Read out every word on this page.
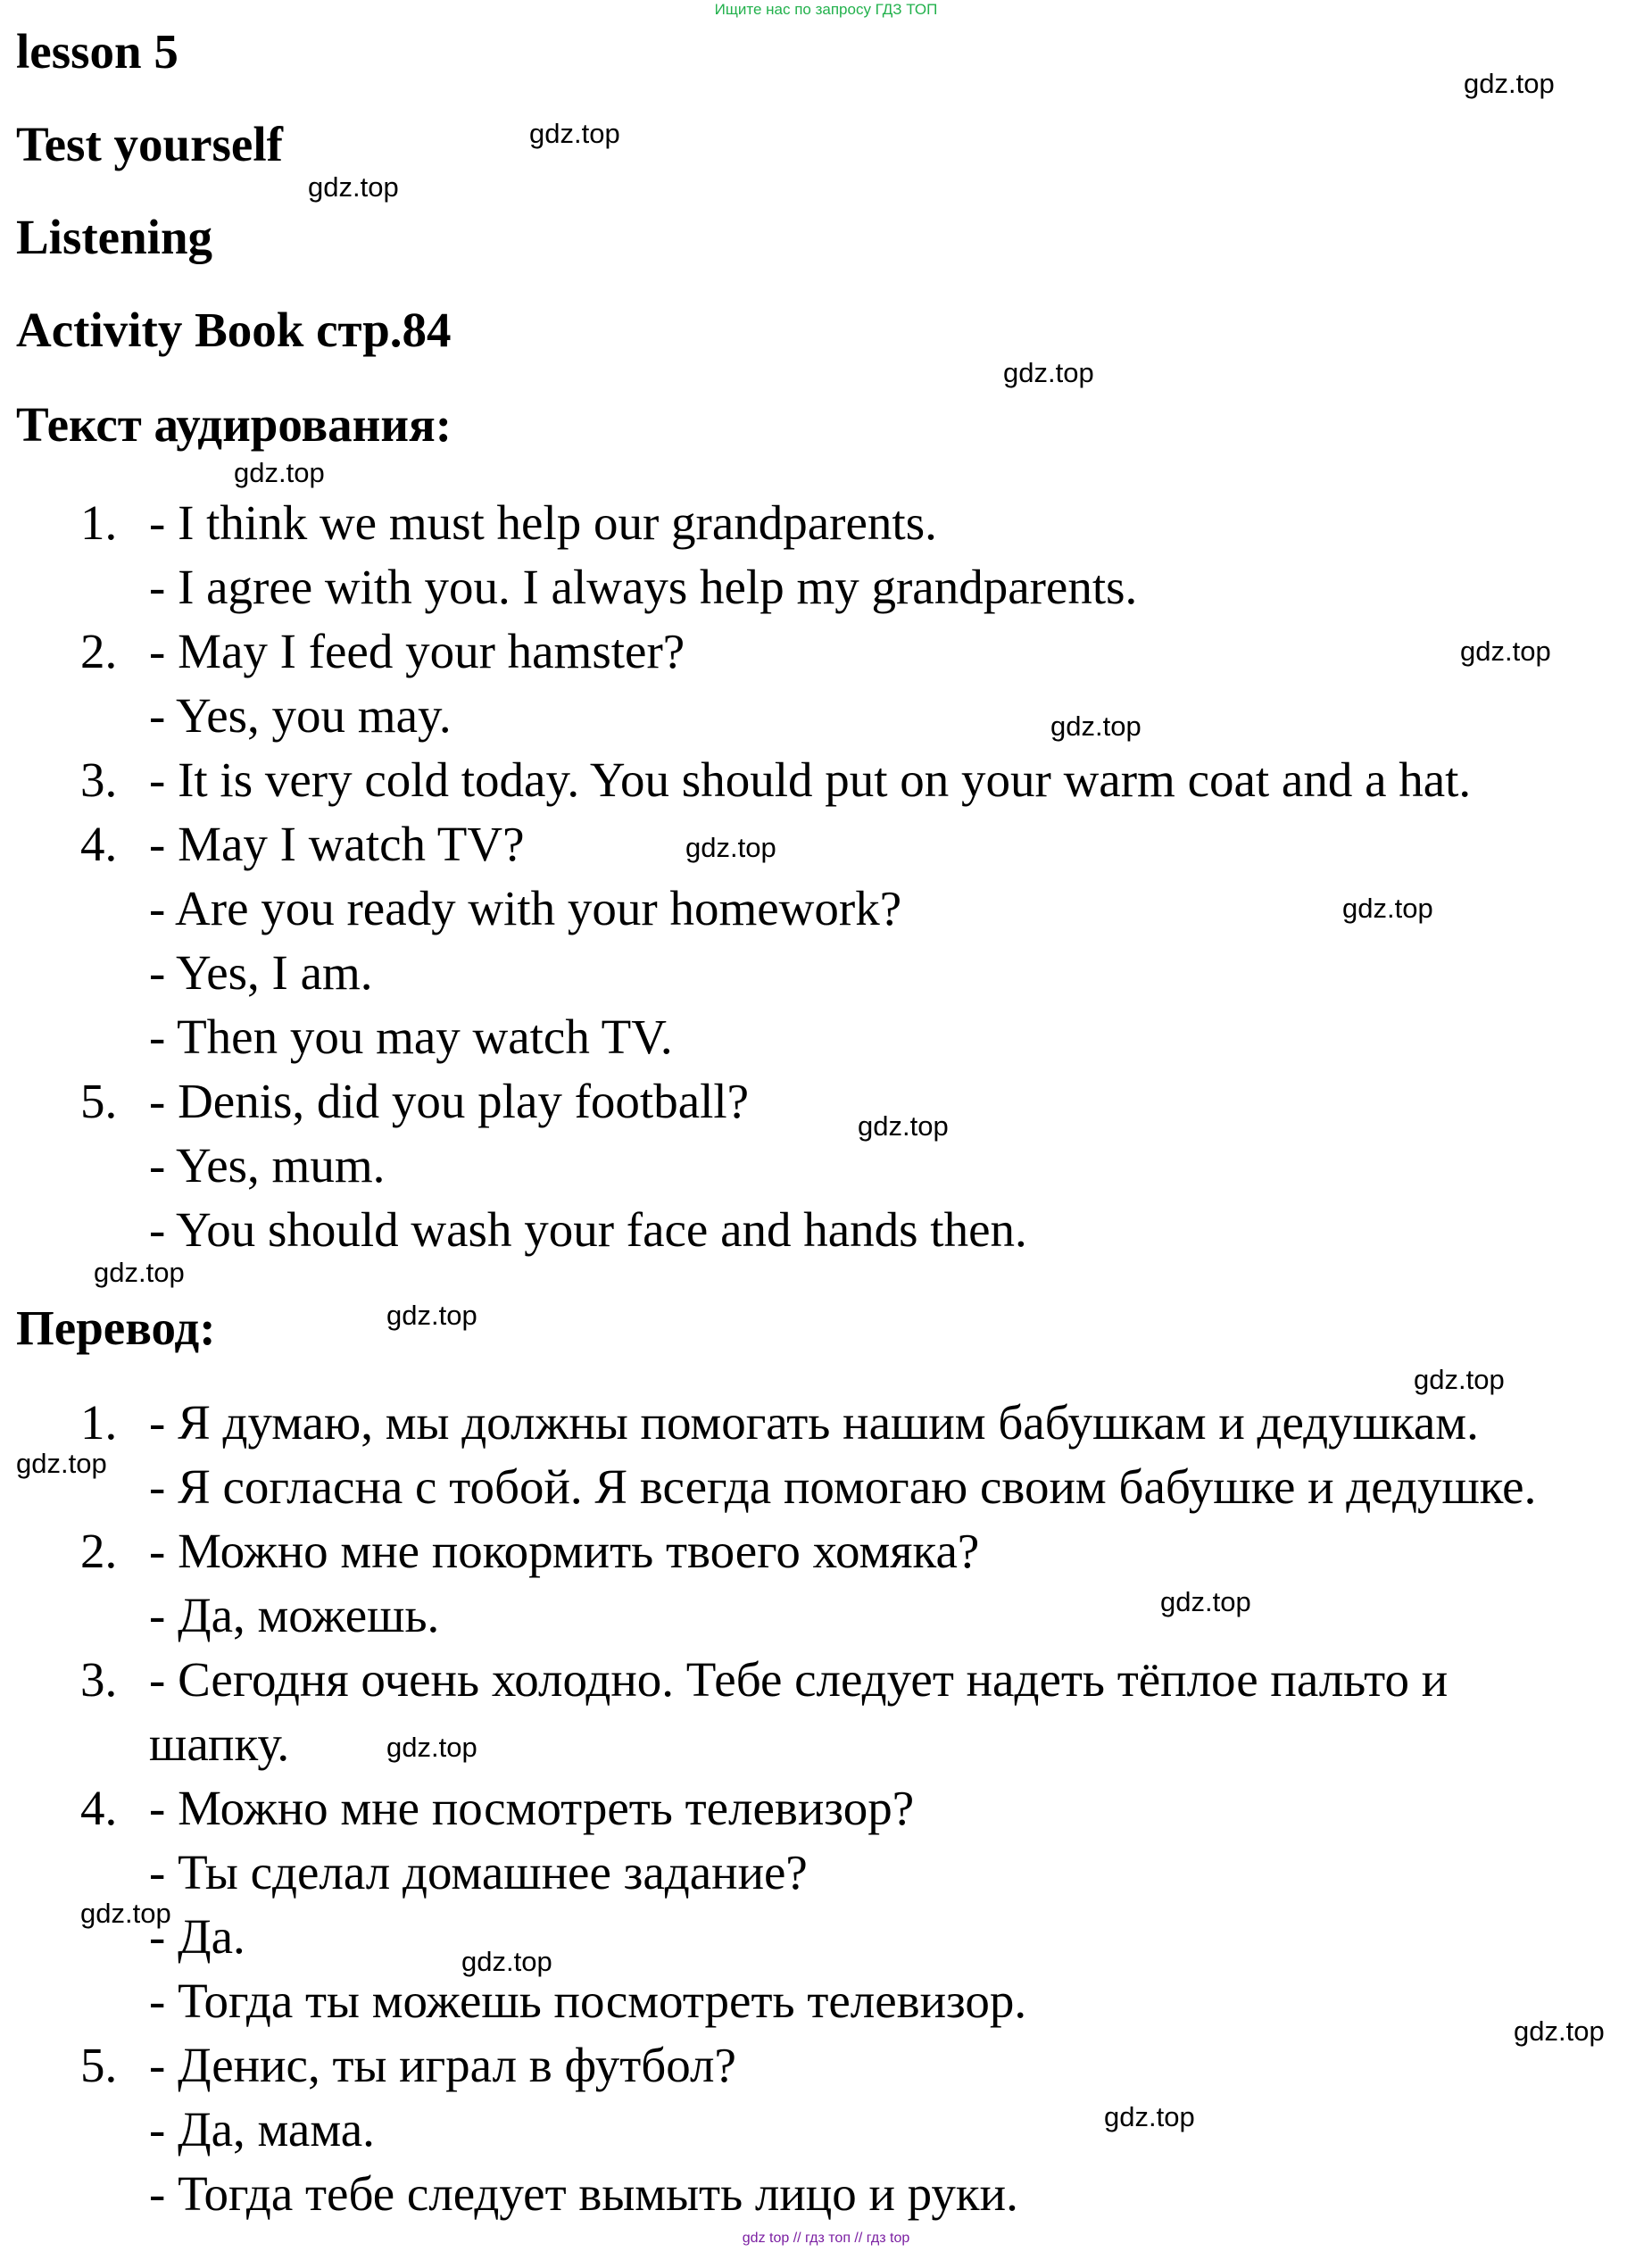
Ищите нас по запросу ГДЗ ТОП
lesson 5
Test yourself
Listening
Activity Book стр.84
Текст аудирования:
1. - I think we must help our grandparents.
- I agree with you. I always help my grandparents.
2. - May I feed your hamster?
- Yes, you may.
3. - It is very cold today. You should put on your warm coat and a hat.
4. - May I watch TV?
- Are you ready with your homework?
- Yes, I am.
- Then you may watch TV.
5. - Denis, did you play football?
- Yes, mum.
- You should wash your face and hands then.
Перевод:
1. - Я думаю, мы должны помогать нашим бабушкам и дедушкам.
- Я согласна с тобой. Я всегда помогаю своим бабушке и дедушке.
2. - Можно мне покормить твоего хомяка?
- Да, можешь.
3. - Сегодня очень холодно. Тебе следует надеть тёплое пальто и
шапку.
4. - Можно мне посмотреть телевизор?
- Ты сделал домашнее задание?
- Да.
- Тогда ты можешь посмотреть телевизор.
5. - Денис, ты играл в футбол?
- Да, мама.
- Тогда тебе следует вымыть лицо и руки.
gdz.top
gdz.top
gdz.top
gdz.top
gdz.top
gdz.top
gdz.top
gdz.top
gdz.top
gdz.top
gdz.top
gdz.top
gdz.top
gdz.top
gdz.top
gdz.top
gdz.top
gdz.top
gdz.top
gdz.top
gdz top // гдз топ // гдз top
